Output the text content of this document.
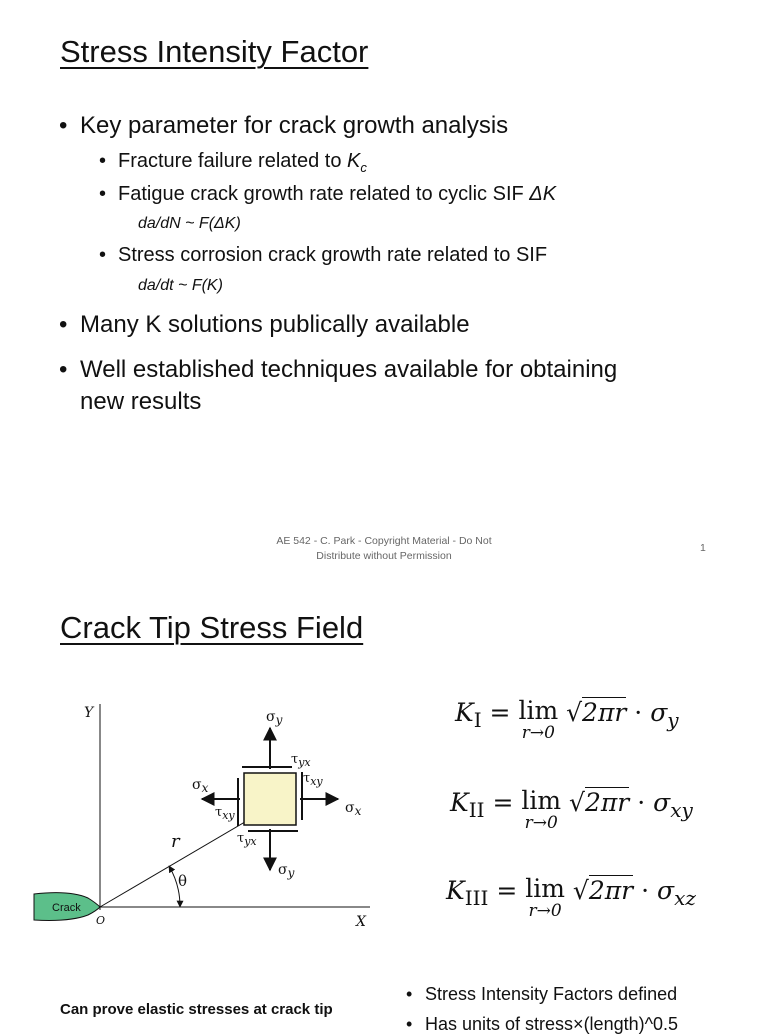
Stress Intensity Factor
• Key parameter for crack growth analysis
• Fracture failure related to $K_c$
• Fatigue crack growth rate related to cyclic SIF ΔK
da/dN ~ F(ΔK)
• Stress corrosion crack growth rate related to SIF
da/dt ~ F(K)
• Many K solutions publically available
• Well established techniques available for obtaining
new results
AE 542 - C. Park - Copyright Material - Do Not
Distribute without Permission
1
Crack Tip Stress Field
Y
X
O
Crack
r
θ
σy
$\tau_{yx}$
$\tau_{xy}$
σx
$\tau_{xy}$	σx
$\tau_{yx}$
σy
$K_I = \lim$
r→0
$√2\pi r \cdot \sigma_y$
$K_{II} = \lim$
r→0
$√2\pi r \cdot \sigma_{xy}$
$K_{III} = \lim$
r→0
$√2\pi r \cdot \sigma_{xz}$
Can prove elastic stresses at crack tip
• Stress Intensity Factors defined
• Has units of stress×(length)^0.5
